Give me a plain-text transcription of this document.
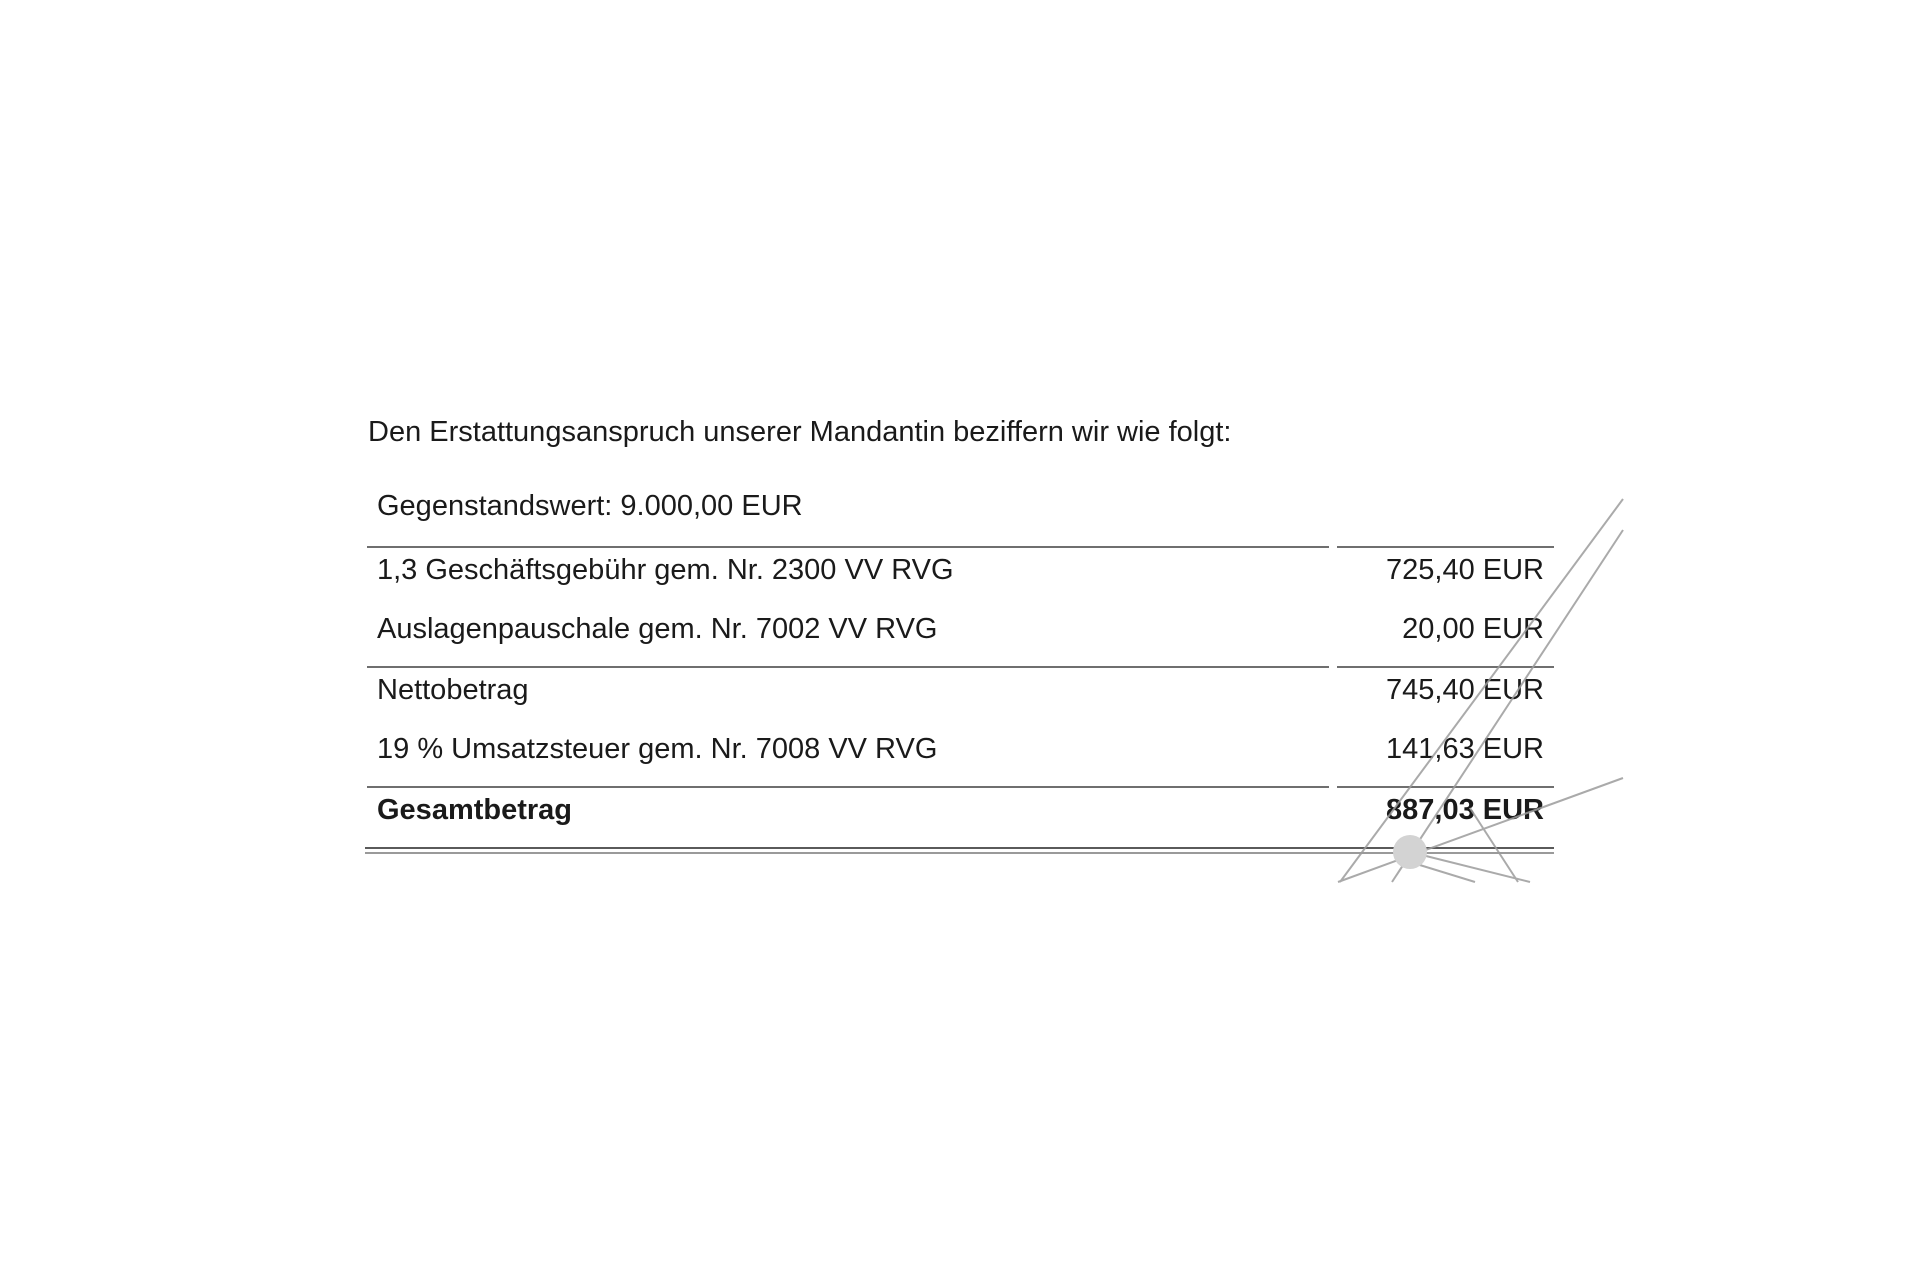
Den Erstattungsanspruch unserer Mandantin beziffern wir wie folgt:

Gegenstandswert: 9.000,00 EUR
1,3 Geschäftsgebühr gem. Nr. 2300 VV RVG	725,40 EUR
Auslagenpauschale gem. Nr. 7002 VV RVG	20,00 EUR
Nettobetrag	745,40 EUR
19 % Umsatzsteuer gem. Nr. 7008 VV RVG	141,63 EUR
Gesamtbetrag	887,03 EUR
